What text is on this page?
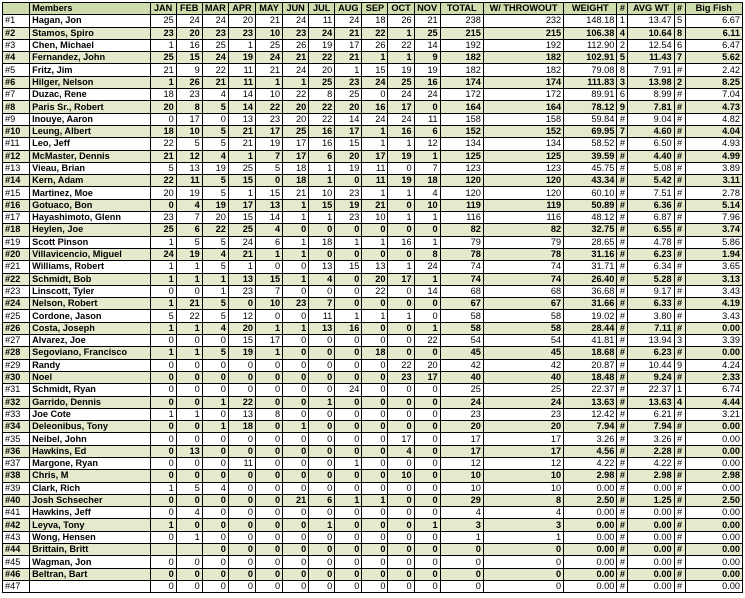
	Members	JAN	FEB	MAR	APR	MAY	JUN	JUL	AUG	SEP	OCT	NOV	TOTAL	W/ THROWOUT	WEIGHT	#	AVG WT	#	Big Fish
#1	Hagan, Jon	25	24	24	20	21	24	11	24	18	26	21	238	232	148.18	1	13.47	5	6.67
#2	Stamos, Spiro	23	20	23	23	10	23	24	21	22	1	25	215	215	106.38	4	10.64	8	6.11
#3	Chen, Michael	1	16	25	1	25	26	19	17	26	22	14	192	192	112.90	2	12.54	6	6.47
#4	Fernandez, John	25	15	24	19	24	21	22	21	1	1	9	182	182	102.91	5	11.43	7	5.62
#5	Fritz, Jim	21	9	22	11	21	24	20	1	15	19	19	182	182	79.08	8	7.91	#	2.42
#6	Hilger, Nelson	1	26	21	11	1	1	25	23	24	25	16	174	174	111.83	3	13.98	2	8.25
#7	Duzac, Rene	18	23	4	14	10	22	8	25	0	24	24	172	172	89.91	6	8.99	#	7.04
#8	Paris Sr., Robert	20	8	5	14	22	20	22	20	16	17	0	164	164	78.12	9	7.81	#	4.73
#9	Inouye, Aaron	0	17	0	13	23	20	22	14	24	24	11	158	158	59.84	#	9.04	#	4.82
#10	Leung, Albert	18	10	5	21	17	25	16	17	1	16	6	152	152	69.95	7	4.60	#	4.04
#11	Leo, Jeff	22	5	5	21	19	17	16	15	1	1	12	134	134	58.52	#	6.50	#	4.93
#12	McMaster, Dennis	21	12	4	1	7	17	6	20	17	19	1	125	125	39.59	#	4.40	#	4.99
#13	Vieau, Brian	5	13	19	25	5	18	1	19	11	0	7	123	123	45.75	#	5.08	#	3.89
#14	Kern, Adam	22	11	5	15	0	18	1	0	11	19	18	120	120	43.34	#	5.42	#	3.11
#15	Martinez, Moe	20	19	5	1	15	21	10	23	1	1	4	120	120	60.10	#	7.51	#	2.78
#16	Gotuaco, Bon	0	4	19	17	13	1	15	19	21	0	10	119	119	50.89	#	6.36	#	5.14
#17	Hayashimoto, Glenn	23	7	20	15	14	1	1	23	10	1	1	116	116	48.12	#	6.87	#	7.96
#18	Heylen, Joe	25	6	22	25	4	0	0	0	0	0	0	82	82	32.75	#	6.55	#	3.74
#19	Scott Pinson	1	5	5	24	6	1	18	1	1	16	1	79	79	28.65	#	4.78	#	5.86
#20	Villavicencio, Miguel	24	19	4	21	1	1	0	0	0	0	8	78	78	31.16	#	6.23	#	1.94
#21	Williams, Robert	1	1	5	1	0	0	13	15	13	1	24	74	74	31.71	#	6.34	#	3.65
#22	Schmidt, Bob	1	1	1	13	15	1	4	0	20	17	1	74	74	26.40	#	5.28	#	3.13
#23	Linscott, Tyler	0	0	1	23	7	0	0	0	22	0	14	68	68	36.68	#	9.17	#	3.43
#24	Nelson, Robert	1	21	5	0	10	23	7	0	0	0	0	67	67	31.66	#	6.33	#	4.19
#25	Cordone, Jason	5	22	5	12	0	0	11	1	1	1	0	58	58	19.02	#	3.80	#	3.43
#26	Costa, Joseph	1	1	4	20	1	1	13	16	0	0	1	58	58	28.44	#	7.11	#	0.00
#27	Alvarez, Joe	0	0	0	15	17	0	0	0	0	0	22	54	54	41.81	#	13.94	3	3.39
#28	Segoviano, Francisco	1	1	5	19	1	0	0	0	18	0	0	45	45	18.68	#	6.23	#	0.00
#29	Randy	0	0	0	0	0	0	0	0	0	22	20	42	42	20.87	#	10.44	9	4.24
#30	Noel	0	0	0	0	0	0	0	0	0	23	17	40	40	18.48	#	9.24	#	2.33
#31	Schmidt, Ryan	0	0	0	0	0	0	0	24	0	0	0	25	25	22.37	#	22.37	1	6.74
#32	Garrido, Dennis	0	0	1	22	0	0	1	0	0	0	0	24	24	13.63	#	13.63	4	4.44
#33	Joe Cote	1	1	0	13	8	0	0	0	0	0	0	23	23	12.42	#	6.21	#	3.21
#34	Deleonibus, Tony	0	0	1	18	0	1	0	0	0	0	0	20	20	7.94	#	7.94	#	0.00
#35	Neibel, John	0	0	0	0	0	0	0	0	0	17	0	17	17	3.26	#	3.26	#	0.00
#36	Hawkins, Ed	0	13	0	0	0	0	0	0	0	4	0	17	17	4.56	#	2.28	#	0.00
#37	Margone, Ryan	0	0	0	11	0	0	0	1	0	0	0	12	12	4.22	#	4.22	#	0.00
#38	Chris, M	0	0	0	0	0	0	0	0	0	10	0	10	10	2.98	#	2.98	#	2.98
#39	Clark, Rich	1	5	4	0	0	0	0	0	0	0	0	10	10	0.00	#	0.00	#	0.00
#40	Josh Schsecher	0	0	0	0	0	21	6	1	1	0	0	29	8	2.50	#	1.25	#	2.50
#41	Hawkins, Jeff	0	4	0	0	0	0	0	0	0	0	0	4	4	0.00	#	0.00	#	0.00
#42	Leyva, Tony	1	0	0	0	0	0	1	0	0	0	1	3	3	0.00	#	0.00	#	0.00
#43	Wong, Hensen	0	1	0	0	0	0	0	0	0	0	0	1	1	0.00	#	0.00	#	0.00
#44	Brittain, Britt			0	0	0	0	0	0	0	0	0	0	0	0.00	#	0.00	#	0.00
#45	Wagman, Jon	0	0	0	0	0	0	0	0	0	0	0	0	0	0.00	#	0.00	#	0.00
#46	Beltran, Bart	0	0	0	0	0	0	0	0	0	0	0	0	0	0.00	#	0.00	#	0.00
#47		0	0	0	0	0	0	0	0	0	0	0	0	0	0.00	#	0.00	#	0.00
